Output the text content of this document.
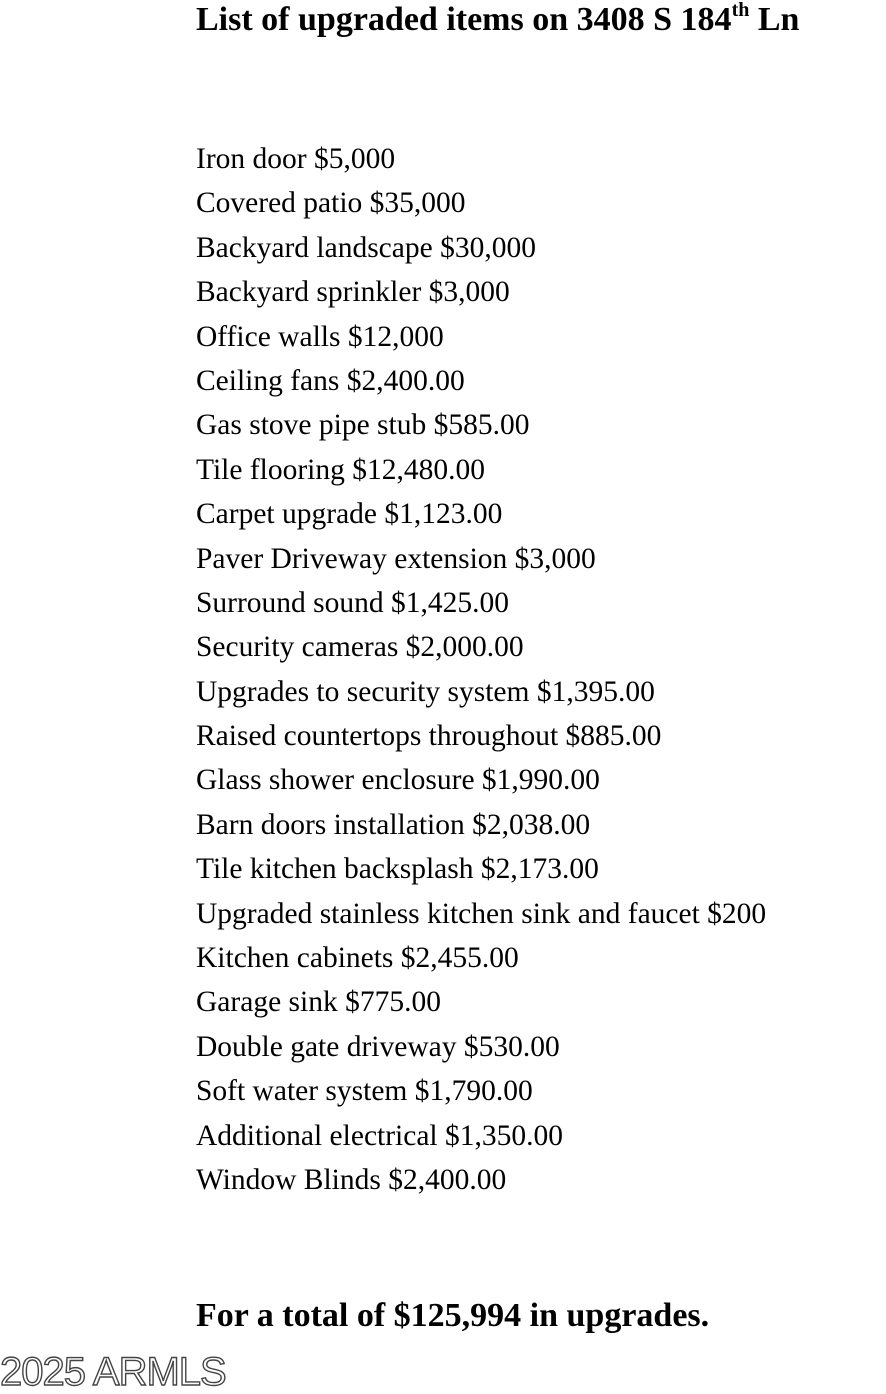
List of upgraded items on 3408 S 184th Ln
Iron door $5,000
Covered patio $35,000
Backyard landscape $30,000
Backyard sprinkler $3,000
Office walls $12,000
Ceiling fans $2,400.00
Gas stove pipe stub $585.00
Tile flooring $12,480.00
Carpet upgrade $1,123.00
Paver Driveway extension $3,000
Surround sound $1,425.00
Security cameras $2,000.00
Upgrades to security system $1,395.00
Raised countertops throughout $885.00
Glass shower enclosure $1,990.00
Barn doors installation $2,038.00
Tile kitchen backsplash $2,173.00
Upgraded stainless kitchen sink and faucet $200
Kitchen cabinets $2,455.00
Garage sink $775.00
Double gate driveway $530.00
Soft water system $1,790.00
Additional electrical $1,350.00
Window Blinds $2,400.00

For a total of $125,994 in upgrades.

2025 ARMLS
